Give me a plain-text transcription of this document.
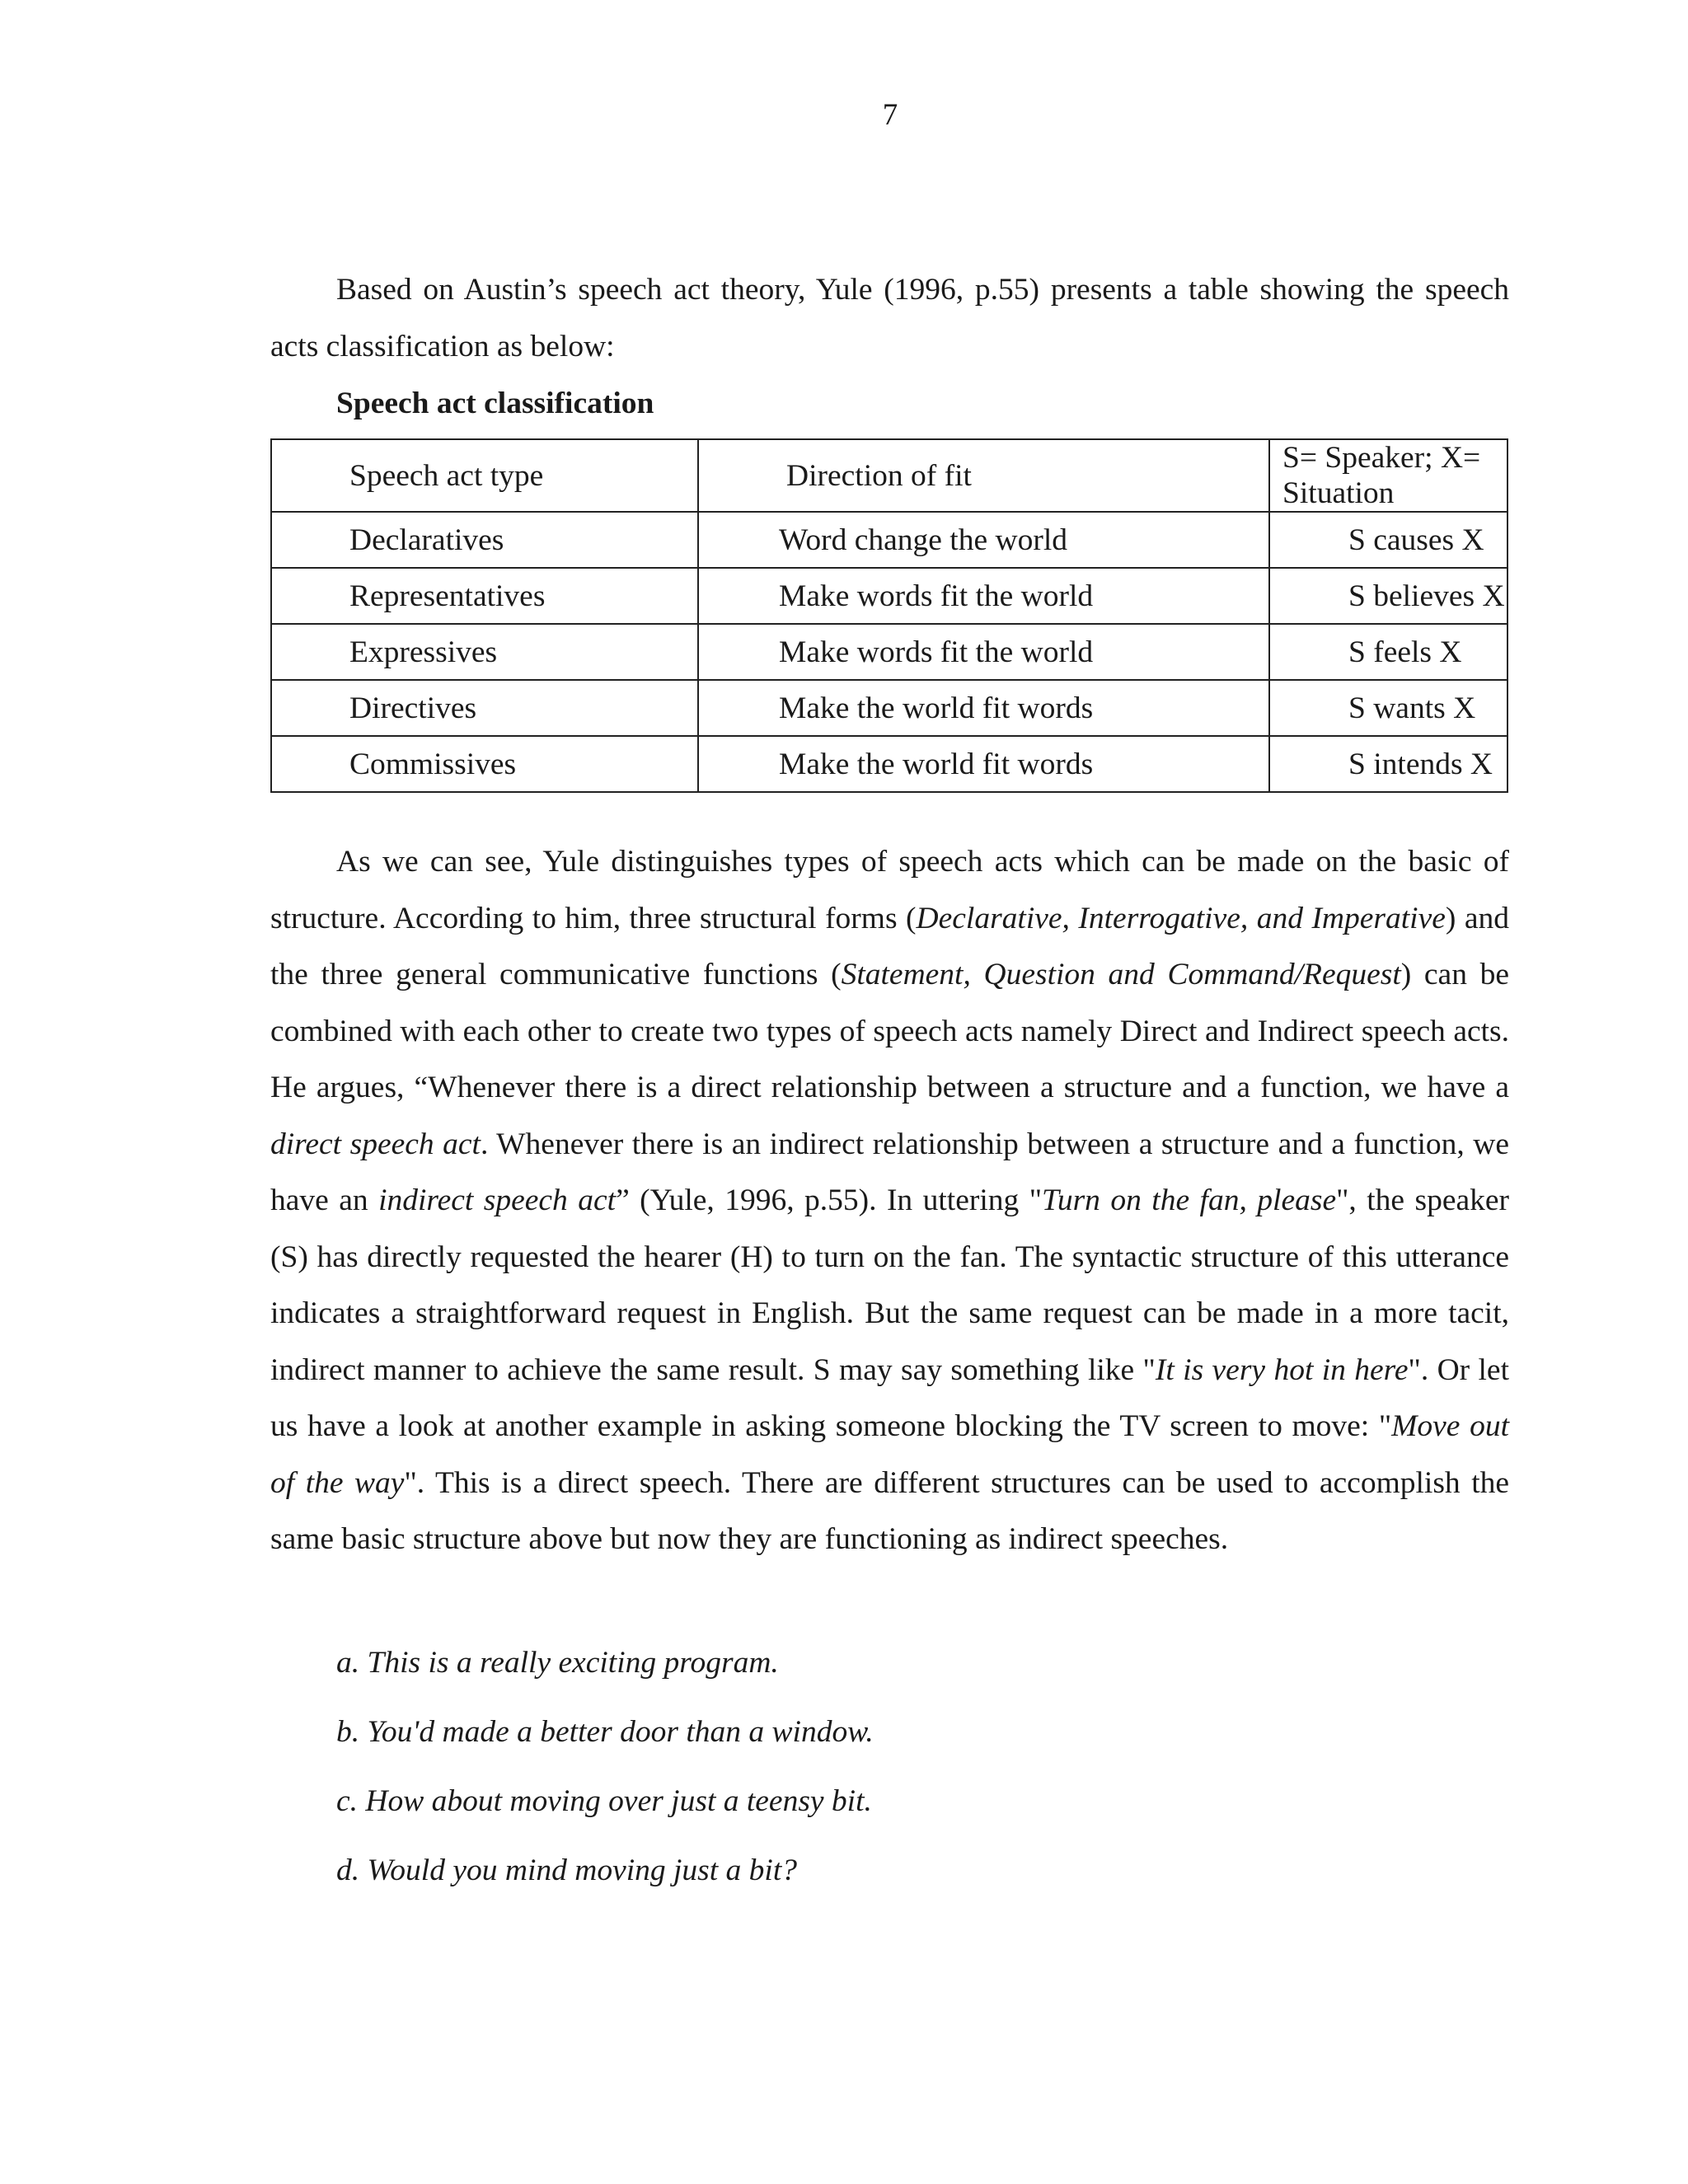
7

Based on Austin’s speech act theory, Yule (1996, p.55) presents a table showing the speech acts classification as below:

Speech act classification

Speech act type	Direction of fit	S= Speaker; X= Situation
Declaratives	Word change the world	S causes X
Representatives	Make words fit the world	S believes X
Expressives	Make words fit the world	S feels X
Directives	Make the world fit words	S wants X
Commissives	Make the world fit words	S intends X

As we can see, Yule distinguishes types of speech acts which can be made on the basic of structure. According to him, three structural forms (Declarative, Interrogative, and Imperative) and the three general communicative functions (Statement, Question and Command/Request) can be combined with each other to create two types of speech acts namely Direct and Indirect speech acts. He argues, “Whenever there is a direct relationship between a structure and a function, we have a direct speech act. Whenever there is an indirect relationship between a structure and a function, we have an indirect speech act” (Yule, 1996, p.55). In uttering "Turn on the fan, please", the speaker (S) has directly requested the hearer (H) to turn on the fan. The syntactic structure of this utterance indicates a straightforward request in English. But the same request can be made in a more tacit, indirect manner to achieve the same result. S may say something like "It is very hot in here". Or let us have a look at another example in asking someone blocking the TV screen to move: "Move out of the way". This is a direct speech. There are different structures can be used to accomplish the same basic structure above but now they are functioning as indirect speeches.

a. This is a really exciting program.
b. You'd made a better door than a window.
c. How about moving over just a teensy bit.
d. Would you mind moving just a bit?
